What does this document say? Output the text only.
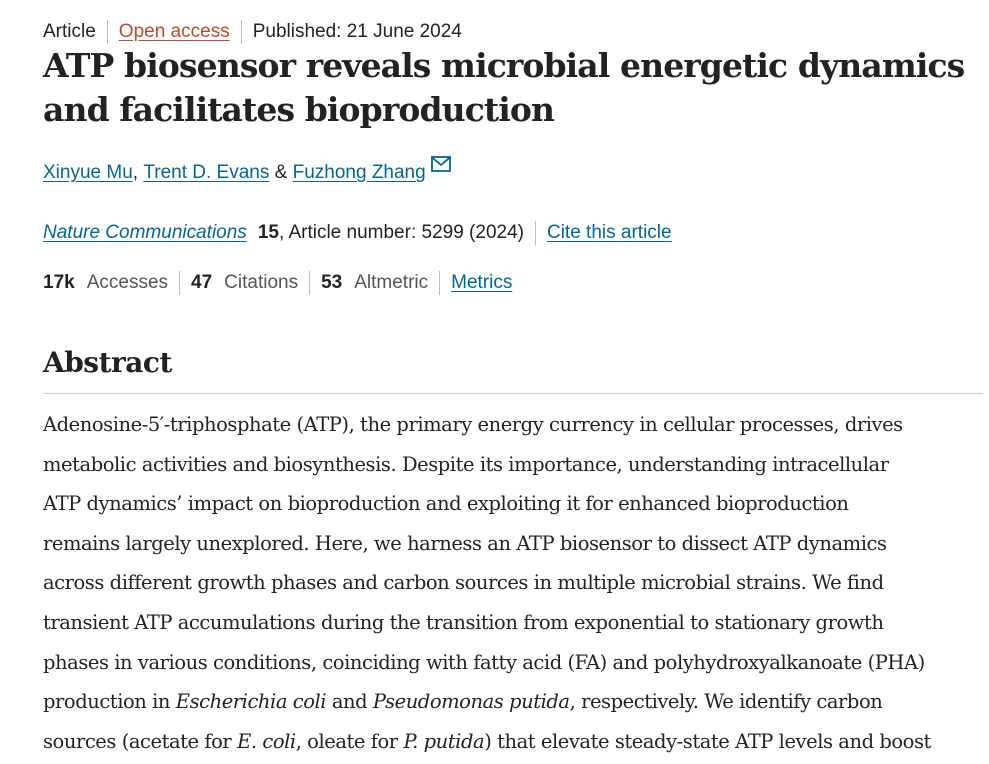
Article Open access Published: 21 June 2024
ATP biosensor reveals microbial energetic dynamics and facilitates bioproduction
Xinyue Mu , Trent D. Evans & Fuzhong Zhang
Nature Communications 15 , Article number: 5299 (2024) Cite this article
17k Accesses 47 Citations 53 Altmetric Metrics
Abstract
Adenosine-5′-triphosphate (ATP), the primary energy currency in cellular processes, drives
metabolic activities and biosynthesis. Despite its importance, understanding intracellular
ATP dynamics’ impact on bioproduction and exploiting it for enhanced bioproduction
remains largely unexplored. Here, we harness an ATP biosensor to dissect ATP dynamics
across different growth phases and carbon sources in multiple microbial strains. We find
transient ATP accumulations during the transition from exponential to stationary growth
phases in various conditions, coinciding with fatty acid (FA) and polyhydroxyalkanoate (PHA)
production in Escherichia coli and Pseudomonas putida, respectively. We identify carbon
sources (acetate for E. coli, oleate for P. putida) that elevate steady-state ATP levels and boost
